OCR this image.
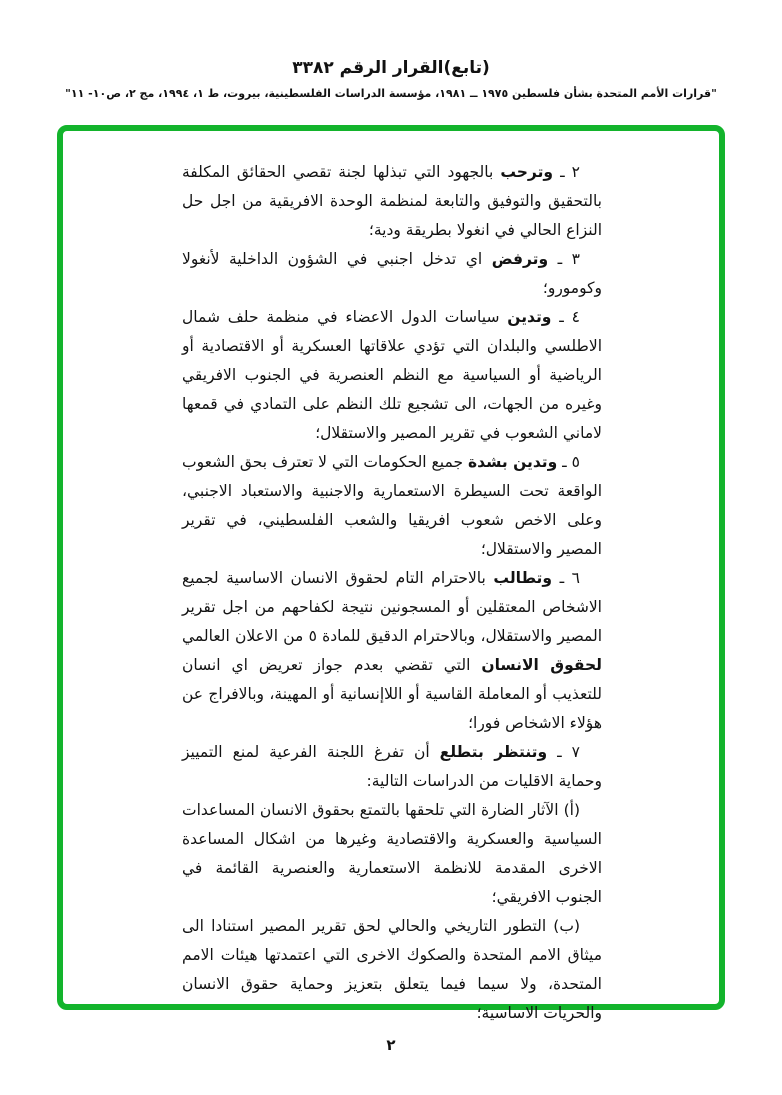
(تابع)القرار الرقم ٣٣٨٢
"قرارات الأمم المتحدة بشأن فلسطين ١٩٧٥ ــ ١٩٨١، مؤسسة الدراسات الفلسطينية، بيروت، ط ١، ١٩٩٤، مج ٢، ص١٠- ١١"

٢ ـ وترحب بالجهود التي تبذلها لجنة تقصي الحقائق المكلفة بالتحقيق والتوفيق والتابعة لمنظمة الوحدة الافريقية من اجل حل النزاع الحالي في انغولا بطريقة ودية؛

٣ ـ وترفض اي تدخل اجنبي في الشؤون الداخلية لأنغولا وكومورو؛

٤ ـ وتدين سياسات الدول الاعضاء في منظمة حلف شمال الاطلسي والبلدان التي تؤدي علاقاتها العسكرية أو الاقتصادية أو الرياضية أو السياسية مع النظم العنصرية في الجنوب الافريقي وغيره من الجهات، الى تشجيع تلك النظم على التمادي في قمعها لاماني الشعوب في تقرير المصير والاستقلال؛

٥ ـ وتدين بشدة جميع الحكومات التي لا تعترف بحق الشعوب الواقعة تحت السيطرة الاستعمارية والاجنبية والاستعباد الاجنبي، وعلى الاخص شعوب افريقيا والشعب الفلسطيني، في تقرير المصير والاستقلال؛

٦ ـ وتطالب بالاحترام التام لحقوق الانسان الاساسية لجميع الاشخاص المعتقلين أو المسجونين نتيجة لكفاحهم من اجل تقرير المصير والاستقلال، وبالاحترام الدقيق للمادة ٥ من الاعلان العالمي لحقوق الانسان التي تقضي بعدم جواز تعريض اي انسان للتعذيب أو المعاملة القاسية أو اللاإنسانية أو المهينة، وبالافراج عن هؤلاء الاشخاص فورا؛

٧ ـ وتنتظر بتطلع أن تفرغ اللجنة الفرعية لمنع التمييز وحماية الاقليات من الدراسات التالية:

(أ) الآثار الضارة التي تلحقها بالتمتع بحقوق الانسان المساعدات السياسية والعسكرية والاقتصادية وغيرها من اشكال المساعدة الاخرى المقدمة للانظمة الاستعمارية والعنصرية القائمة في الجنوب الافريقي؛

(ب) التطور التاريخي والحالي لحق تقرير المصير استنادا الى ميثاق الامم المتحدة والصكوك الاخرى التي اعتمدتها هيئات الامم المتحدة، ولا سيما فيما يتعلق بتعزيز وحماية حقوق الانسان والحريات الاساسية؛

٢
